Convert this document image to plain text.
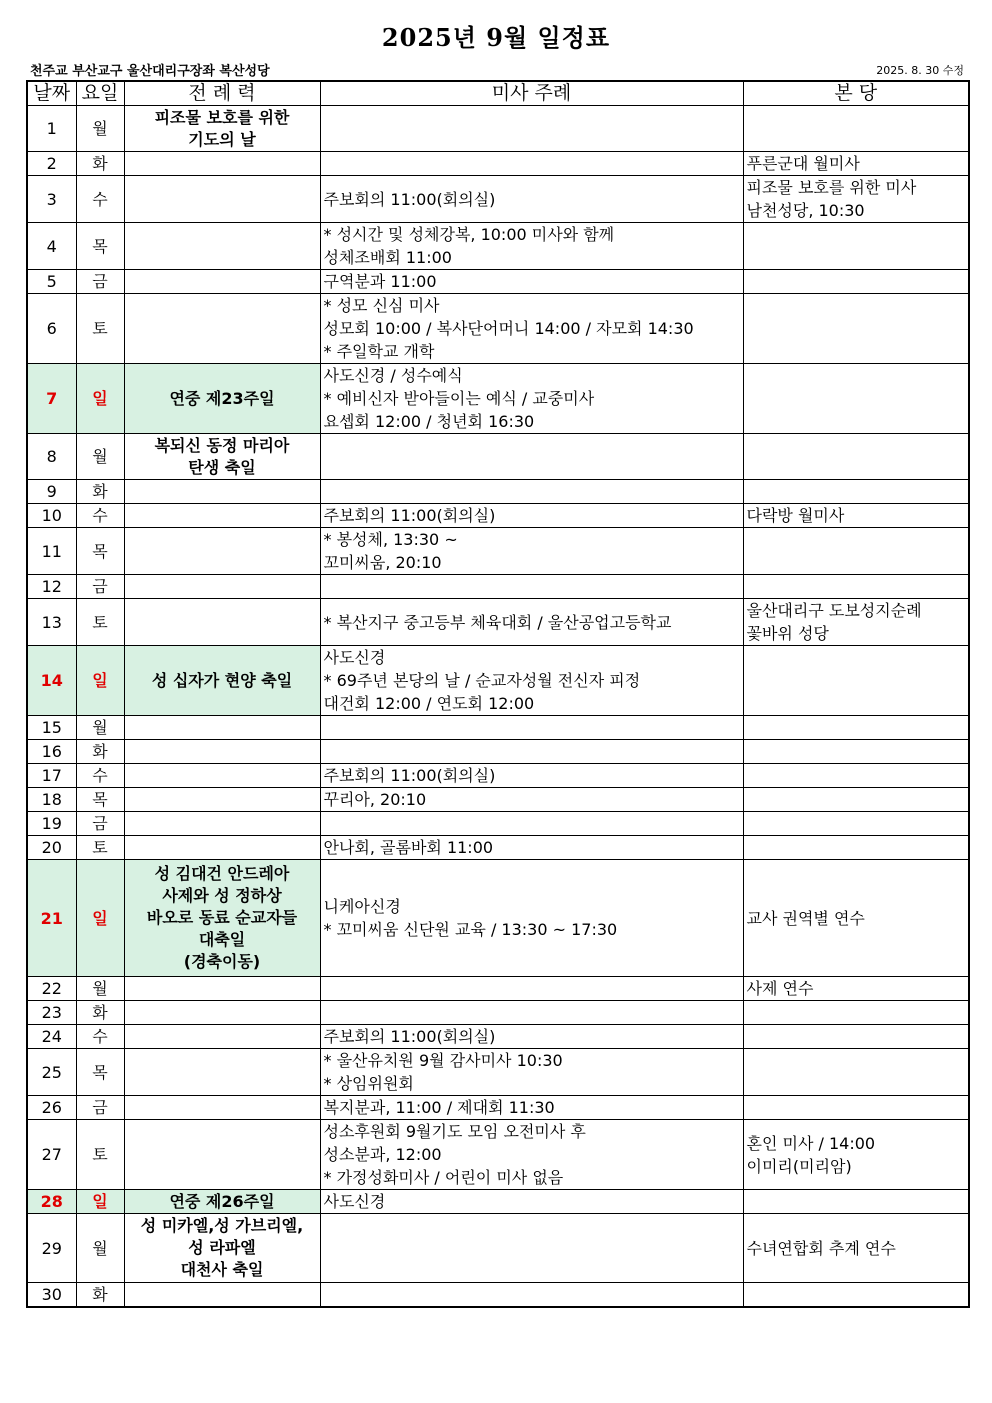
2025년 9월 일정표
천주교 부산교구 울산대리구장좌 복산성당	2025. 8. 30 수정
날짜	요일	전 례 력	미사 주례	본 당
1	월	피조물 보호를 위한
기도의 날		
2	화			푸른군대 월미사
3	수		주보회의 11:00(회의실)	피조물 보호를 위한 미사
남천성당, 10:30
4	목		* 성시간 및 성체강복, 10:00 미사와 함께
성체조배회 11:00	
5	금		구역분과 11:00	
6	토		* 성모 신심 미사
성모회 10:00 / 복사단어머니 14:00 / 자모회 14:30
* 주일학교 개학	
7	일	연중 제23주일	사도신경 / 성수예식
* 예비신자 받아들이는 예식 / 교중미사
요셉회 12:00 / 청년회 16:30	
8	월	복되신 동정 마리아
탄생 축일		
9	화			
10	수		주보회의 11:00(회의실)	다락방 월미사
11	목		* 봉성체, 13:30 ~
꼬미씨움, 20:10	
12	금			
13	토		* 복산지구 중고등부 체육대회 / 울산공업고등학교	울산대리구 도보성지순례
꽃바위 성당
14	일	성 십자가 현양 축일	사도신경
* 69주년 본당의 날 / 순교자성월 전신자 피정
대건회 12:00 / 연도회 12:00	
15	월			
16	화			
17	수		주보회의 11:00(회의실)	
18	목		꾸리아, 20:10	
19	금			
20	토		안나회, 골롬바회 11:00	
21	일	성 김대건 안드레아
사제와 성 정하상
바오로 동료 순교자들
대축일
(경축이동)	니케아신경
* 꼬미씨움 신단원 교육 / 13:30 ~ 17:30	교사 권역별 연수
22	월			사제 연수
23	화			
24	수		주보회의 11:00(회의실)	
25	목		* 울산유치원 9월 감사미사 10:30
* 상임위원회	
26	금		복지분과, 11:00 / 제대회 11:30	
27	토		성소후원회 9월기도 모임 오전미사 후
성소분과, 12:00
* 가정성화미사 / 어린이 미사 없음	혼인 미사 / 14:00
이미리(미리암)
28	일	연중 제26주일	사도신경	
29	월	성 미카엘,성 가브리엘,
성 라파엘
대천사 축일		수녀연합회 추계 연수
30	화			
